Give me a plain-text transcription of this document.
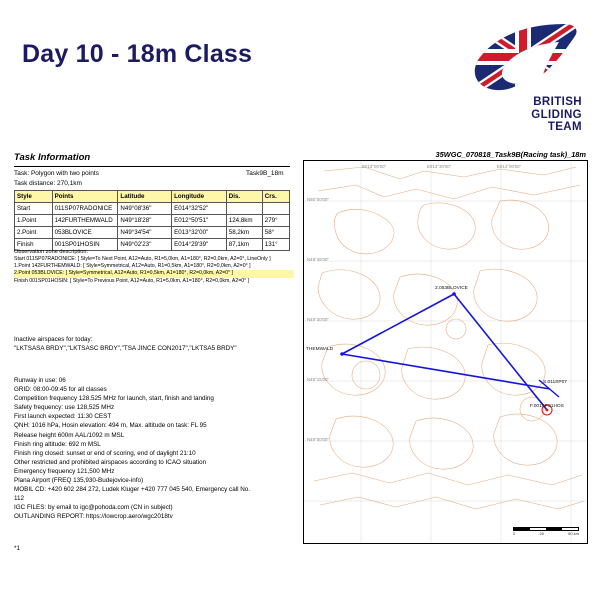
Day 10 - 18m Class
BRITISH
GLIDING
TEAM
Task Information
Task: Polygon with two points	Task9B_18m
Task distance: 270,1km
Style	Points	Latitude	Longitude	Dis.	Crs.
Start	011SP07RADONICE	N49°08'36"	E014°32'52"		
1.Point	142FURTHEMWALD	N49°18'28"	E012°50'51"	124,8km	279°
2.Point	053BLOVICE	N49°34'54"	E013°32'00"	58,2km	58°
Finish	001SP01HOSIN	N49°02'23"	E014°29'39"	87,1km	131°
Observation zone description:
Start 011SP07RADONICE: [ Style=To Next Point, A12=Auto, R1=5,0km, A1=180°, R2=0,0km, A2=0°, LineOnly ]
1.Point 142FURTHEMWALD: [ Style=Symmetrical, A12=Auto, R1=0,5km, A1=180°, R2=0,0km, A2=0° ]
2.Point 053BLOVICE: [ Style=Symmetrical, A12=Auto, R1=0,5km, A1=180°, R2=0,0km, A2=0° ]
Finish 001SP01HOSIN: [ Style=To Previous Point, A12=Auto, R1=5,0km, A1=180°, R2=0,0km, A2=0° ]
Inactive airspaces for today:
"LKTSASA BRDY","LKTSASC BRDY","TSA JINCE CON2017","LKTSA5 BRDY"
Runway in use: 06
GRID: 08:00-09:45 for all classes
Competition frequency 128.525 MHz for launch, start, finish and landing
Safety frequency: use 128,525 MHz
First launch expected: 11:30 CEST
QNH: 1016 hPa, Hosin elevation: 494 m, Max. altitude on task: FL 95
Release height 600m AAL/1092 m MSL
Finish ring altitude: 692 m MSL
Finish ring closed: sunset or end of scoring, end of daylight 21:10
Other restricted and prohibited airspaces according to ICAO situation
Emergency frequency 121,500 MHz
Plana Airport (FREQ 135,930-Budejovice-info)
MOBIL CD: +420 602 284 272, Ludek Kluger +420 777 045 540, Emergency call No.
112
IGC FILES: by email to igc@pohoda.com (CN in subject)
OUTLANDING REPORT: https://lowcrop.aero/wgc2018tv
*1
35WGC_070818_Task9B(Racing task)_18m
E013°00'00"	E013°30'00"	E014°00'00"
N50°00'00"
N49°45'00"
N49°30'00"
N49°15'00"
N49°00'00"
2.053BLOVICE
THEMWALD
S.011SP07
F.001SP01HOS
0	25	50 km
